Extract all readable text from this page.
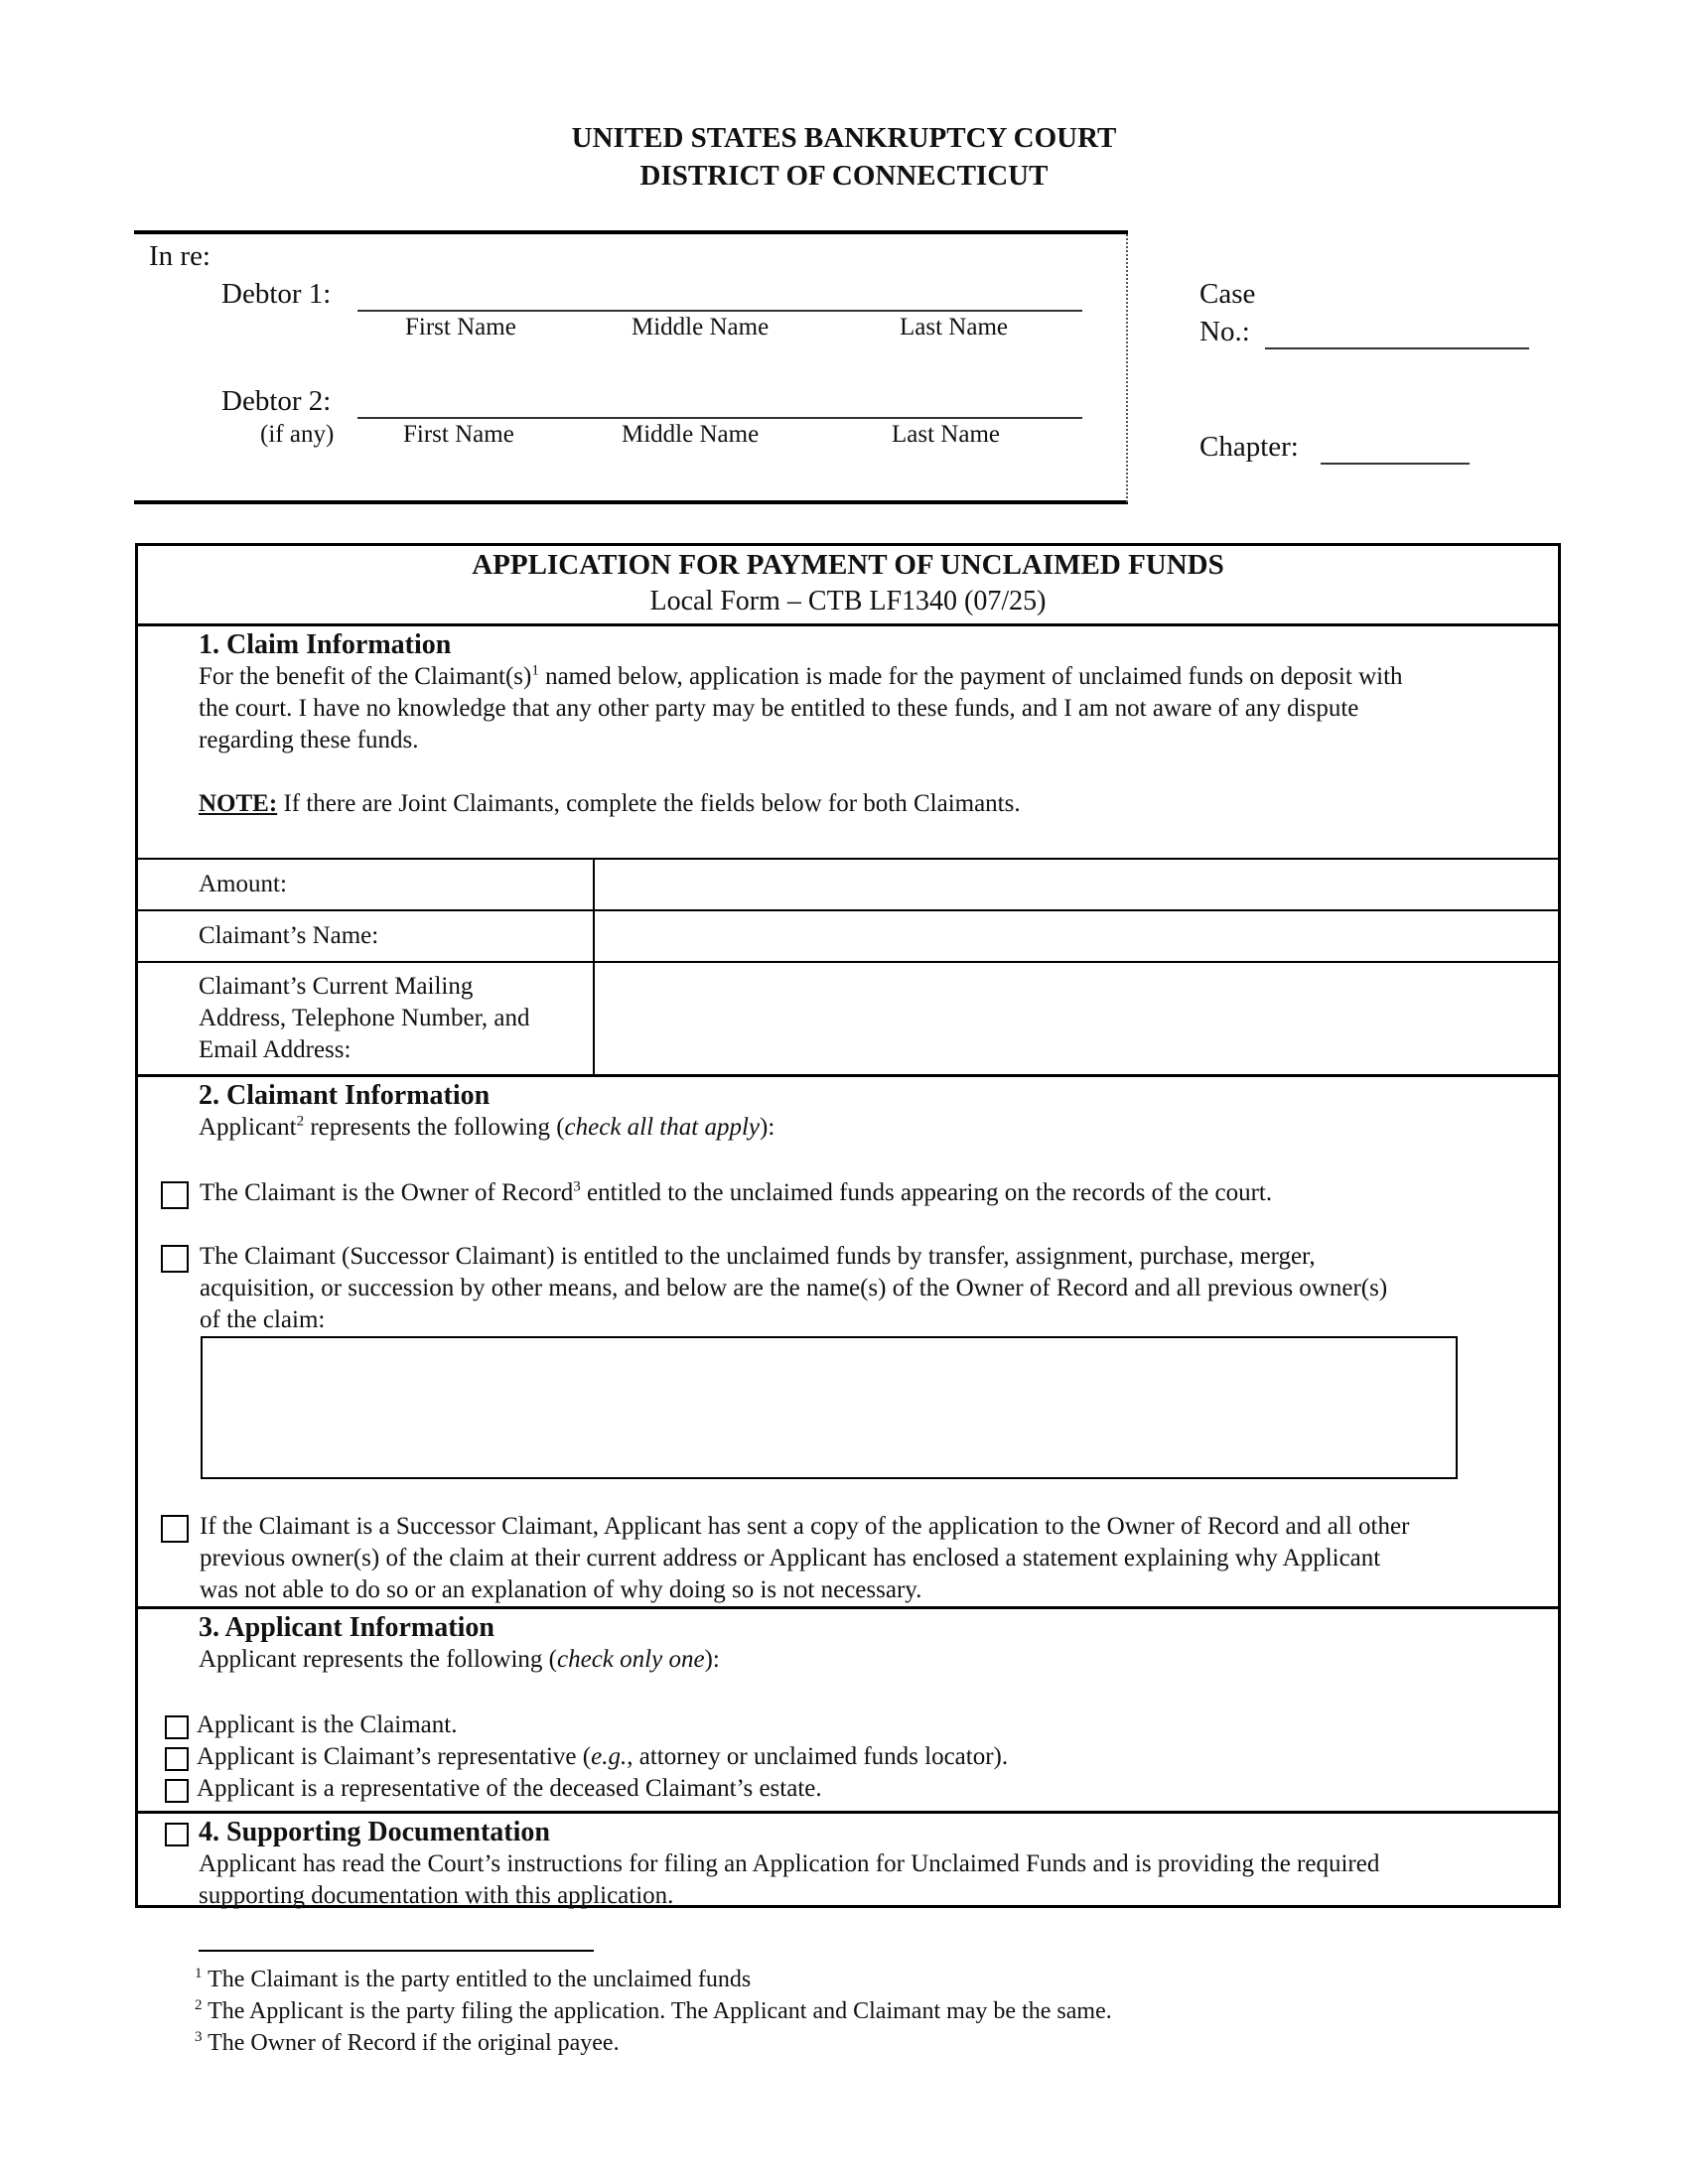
UNITED STATES BANKRUPTCY COURT
DISTRICT OF CONNECTICUT
In re:
Debtor 1:
First Name	Middle Name	Last Name
Debtor 2:
(if any)	First Name	Middle Name	Last Name
Case
No.:
Chapter:
APPLICATION FOR PAYMENT OF UNCLAIMED FUNDS
Local Form – CTB LF1340 (07/25)
1. Claim Information
For the benefit of the $Claimant(s)^1$ named below, application is made for the payment of unclaimed funds on deposit with
the court. I have no knowledge that any other party may be entitled to these funds, and I am not aware of any dispute
regarding these funds.
NOTE: If there are Joint Claimants, complete the fields below for both Claimants.
Amount:
Claimant’s Name:
Claimant’s Current Mailing
Address, Telephone Number, and
Email Address:
2. Claimant Information
Applicant$^2$ represents the following (check all that apply):
The Claimant is the Owner of Record$^3$ entitled to the unclaimed funds appearing on the records of the court.
The Claimant (Successor Claimant) is entitled to the unclaimed funds by transfer, assignment, purchase, merger,
acquisition, or succession by other means, and below are the name(s) of the Owner of Record and all previous owner(s)
of the claim:
If the Claimant is a Successor Claimant, Applicant has sent a copy of the application to the Owner of Record and all other
previous owner(s) of the claim at their current address or Applicant has enclosed a statement explaining why Applicant
was not able to do so or an explanation of why doing so is not necessary.
3. Applicant Information
Applicant represents the following (check only one):
Applicant is the Claimant.
Applicant is Claimant’s representative (e.g., attorney or unclaimed funds locator).
Applicant is a representative of the deceased Claimant’s estate.
4. Supporting Documentation
Applicant has read the Court’s instructions for filing an Application for Unclaimed Funds and is providing the required
supporting documentation with this application.
$^1$ The Claimant is the party entitled to the unclaimed funds
$^2$ The Applicant is the party filing the application. The Applicant and Claimant may be the same.
$^3$ The Owner of Record if the original payee.
